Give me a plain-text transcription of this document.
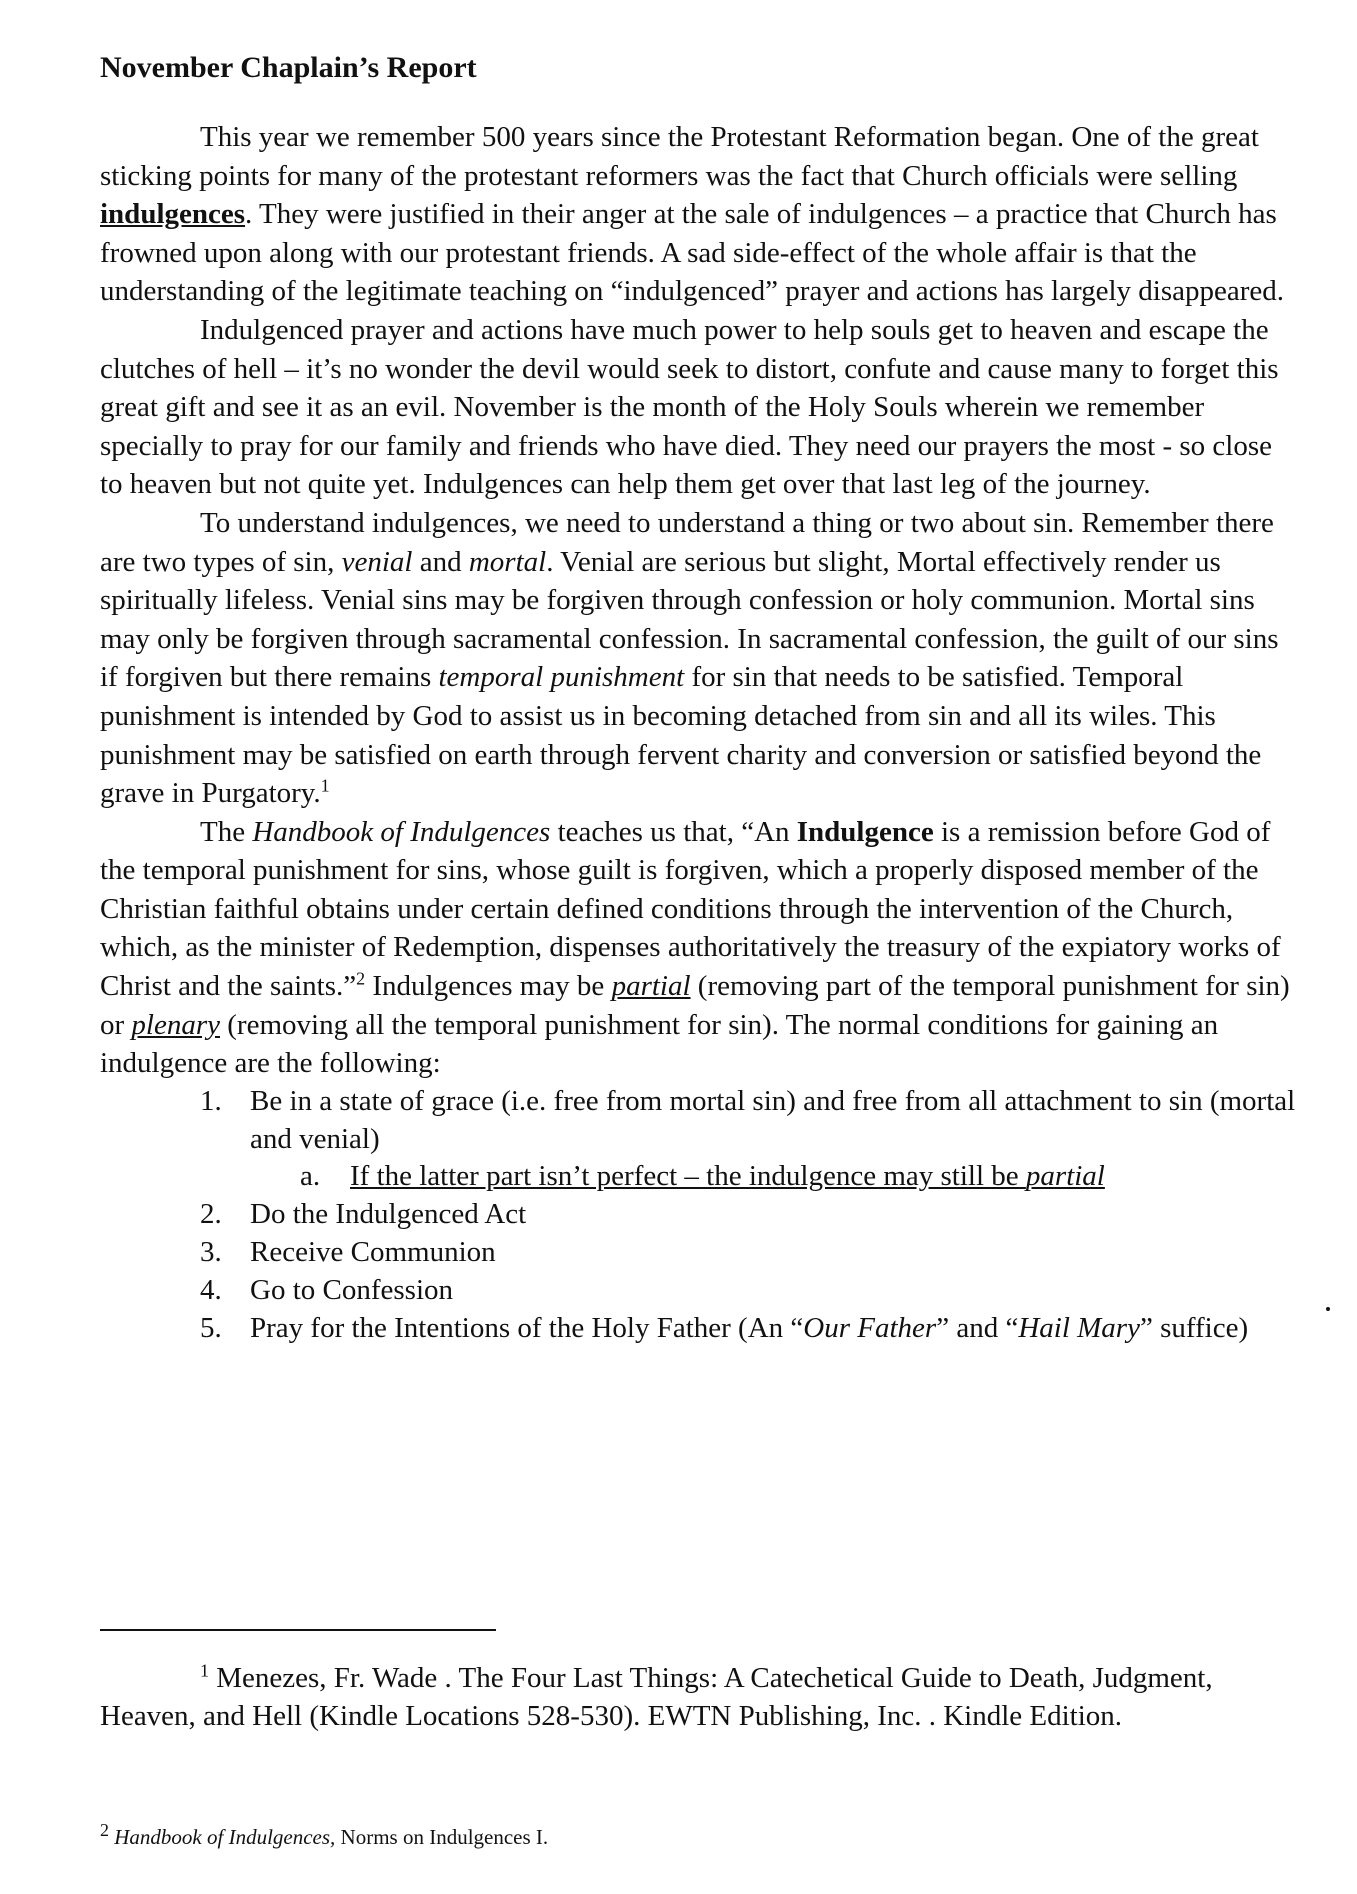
November Chaplain’s Report

This year we remember 500 years since the Protestant Reformation began. One of the great sticking points for many of the protestant reformers was the fact that Church officials were selling indulgences. They were justified in their anger at the sale of indulgences – a practice that Church has frowned upon along with our protestant friends. A sad side-effect of the whole affair is that the understanding of the legitimate teaching on “indulgenced” prayer and actions has largely disappeared.

Indulgenced prayer and actions have much power to help souls get to heaven and escape the clutches of hell – it’s no wonder the devil would seek to distort, confute and cause many to forget this great gift and see it as an evil. November is the month of the Holy Souls wherein we remember specially to pray for our family and friends who have died. They need our prayers the most - so close to heaven but not quite yet. Indulgences can help them get over that last leg of the journey.

To understand indulgences, we need to understand a thing or two about sin. Remember there are two types of sin, venial and mortal. Venial are serious but slight, Mortal effectively render us spiritually lifeless. Venial sins may be forgiven through confession or holy communion. Mortal sins may only be forgiven through sacramental confession. In sacramental confession, the guilt of our sins if forgiven but there remains temporal punishment for sin that needs to be satisfied. Temporal punishment is intended by God to assist us in becoming detached from sin and all its wiles. This punishment may be satisfied on earth through fervent charity and conversion or satisfied beyond the grave in Purgatory.$^1$

The Handbook of Indulgences teaches us that, “An Indulgence is a remission before God of the temporal punishment for sins, whose guilt is forgiven, which a properly disposed member of the Christian faithful obtains under certain defined conditions through the intervention of the Church, which, as the minister of Redemption, dispenses authoritatively the treasury of the expiatory works of Christ and the saints.”$^2$ Indulgences may be partial (removing part of the temporal punishment for sin) or plenary (removing all the temporal punishment for sin). The normal conditions for gaining an indulgence are the following:

1. Be in a state of grace (i.e. free from mortal sin) and free from all attachment to sin (mortal and venial)
a. If the latter part isn’t perfect – the indulgence may still be partial
2. Do the Indulgenced Act
3. Receive Communion
4. Go to Confession
5. Pray for the Intentions of the Holy Father (An “Our Father” and “Hail Mary” suffice)

$^1$ Menezes, Fr. Wade . The Four Last Things: A Catechetical Guide to Death, Judgment, Heaven, and Hell (Kindle Locations 528-530). EWTN Publishing, Inc. . Kindle Edition.

$^2$ Handbook of Indulgences, Norms on Indulgences I.
